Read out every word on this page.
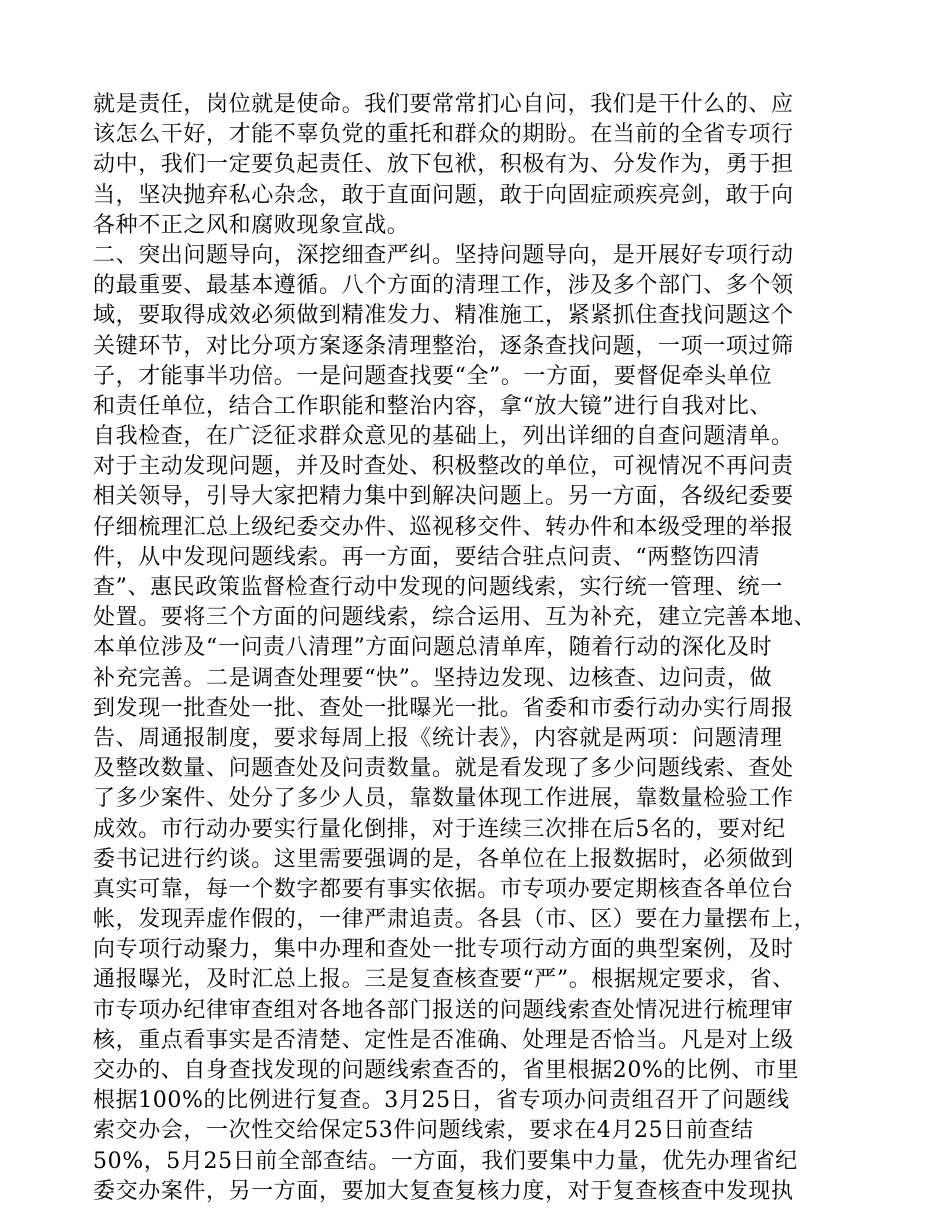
就是责任，岗位就是使命。我们要常常扪心自问，我们是干什么的、应
该怎么干好，才能不辜负党的重托和群众的期盼。在当前的全省专项行
动中，我们一定要负起责任、放下包袱，积极有为、分发作为，勇于担
当，坚决抛弃私心杂念，敢于直面问题，敢于向固症顽疾亮剑，敢于向
各种不正之风和腐败现象宣战。
二、突出问题导向，深挖细查严纠。坚持问题导向，是开展好专项行动
的最重要、最基本遵循。八个方面的清理工作，涉及多个部门、多个领
域，要取得成效必须做到精准发力、精准施工，紧紧抓住查找问题这个
关键环节，对比分项方案逐条清理整治，逐条查找问题，一项一项过筛
子，才能事半功倍。一是问题查找要“全”。一方面，要督促牵头单位
和责任单位，结合工作职能和整治内容，拿“放大镜”进行自我对比、
自我检查，在广泛征求群众意见的基础上，列出详细的自查问题清单。
对于主动发现问题，并及时查处、积极整改的单位，可视情况不再问责
相关领导，引导大家把精力集中到解决问题上。另一方面，各级纪委要
仔细梳理汇总上级纪委交办件、巡视移交件、转办件和本级受理的举报
件，从中发现问题线索。再一方面，要结合驻点问责、“两整饬四清
查”、惠民政策监督检查行动中发现的问题线索，实行统一管理、统一
处置。要将三个方面的问题线索，综合运用、互为补充，建立完善本地、
本单位涉及“一问责八清理”方面问题总清单库，随着行动的深化及时
补充完善。二是调查处理要“快”。坚持边发现、边核查、边问责，做
到发现一批查处一批、查处一批曝光一批。省委和市委行动办实行周报
告、周通报制度，要求每周上报《统计表》，内容就是两项：问题清理
及整改数量、问题查处及问责数量。就是看发现了多少问题线索、查处
了多少案件、处分了多少人员，靠数量体现工作进展，靠数量检验工作
成效。市行动办要实行量化倒排，对于连续三次排在后5名的，要对纪
委书记进行约谈。这里需要强调的是，各单位在上报数据时，必须做到
真实可靠，每一个数字都要有事实依据。市专项办要定期核查各单位台
帐，发现弄虚作假的，一律严肃追责。各县（市、区）要在力量摆布上，
向专项行动聚力，集中办理和查处一批专项行动方面的典型案例，及时
通报曝光，及时汇总上报。三是复查核查要“严”。根据规定要求，省、
市专项办纪律审查组对各地各部门报送的问题线索查处情况进行梳理审
核，重点看事实是否清楚、定性是否准确、处理是否恰当。凡是对上级
交办的、自身查找发现的问题线索查否的，省里根据20%的比例、市里
根据100%的比例进行复查。3月25日，省专项办问责组召开了问题线
索交办会，一次性交给保定53件问题线索，要求在4月25日前查结
50%，5月25日前全部查结。一方面，我们要集中力量，优先办理省纪
委交办案件，另一方面，要加大复查复核力度，对于复查核查中发现执
